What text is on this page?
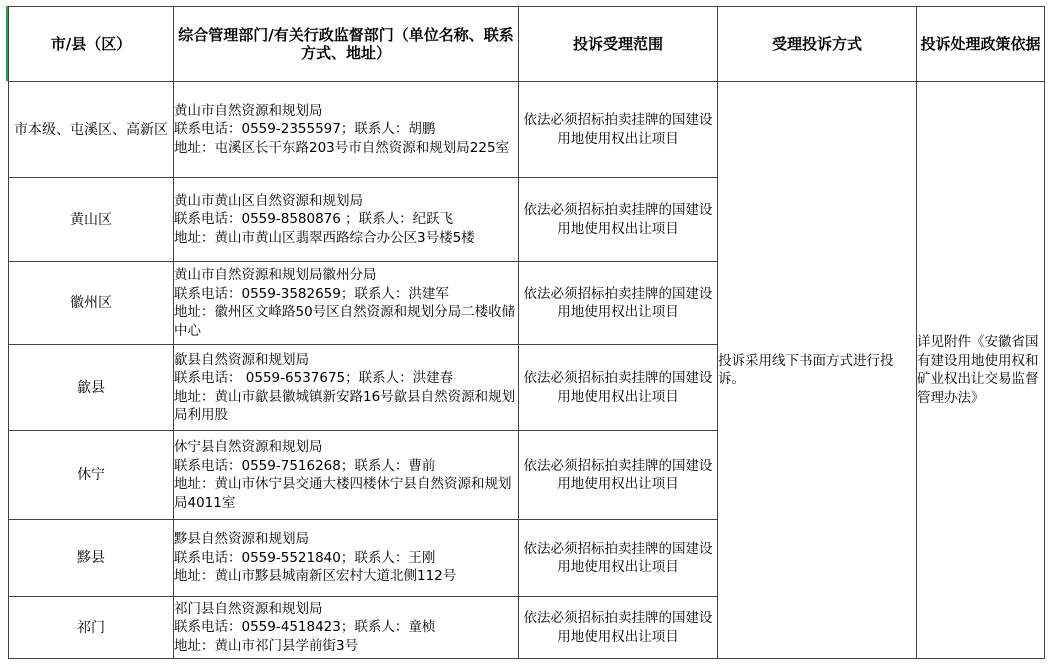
市/县（区）	综合管理部门/有关行政监督部门（单位名称、联系方式、地址）	投诉受理范围	受理投诉方式	投诉处理政策依据
市本级、屯溪区、高新区	黄山市自然资源和规划局
联系电话：0559-2355597；联系人：胡鹏
地址：屯溪区长干东路203号市自然资源和规划局225室	依法必须招标拍卖挂牌的国建设用地使用权出让项目	投诉采用线下书面方式进行投诉。	详见附件《安徽省国有建设用地使用权和矿业权出让交易监督管理办法》
黄山区	黄山市黄山区自然资源和规划局
联系电话：0559-8580876 ；联系人：纪跃飞
地址：黄山市黄山区翡翠西路综合办公区3号楼5楼	依法必须招标拍卖挂牌的国建设用地使用权出让项目		
徽州区	黄山市自然资源和规划局徽州分局
联系电话：0559-3582659；联系人：洪建军
地址：徽州区文峰路50号区自然资源和规划分局二楼收储中心	依法必须招标拍卖挂牌的国建设用地使用权出让项目		
歙县	歙县自然资源和规划局
联系电话： 0559-6537675；联系人：洪建春
地址：黄山市歙县徽城镇新安路16号歙县自然资源和规划局利用股	依法必须招标拍卖挂牌的国建设用地使用权出让项目		
休宁	休宁县自然资源和规划局
联系电话：0559-7516268；联系人：曹前
地址：黄山市休宁县交通大楼四楼休宁县自然资源和规划局4011室	依法必须招标拍卖挂牌的国建设用地使用权出让项目		
黟县	黟县自然资源和规划局
联系电话：0559-5521840；联系人：王刚
地址：黄山市黟县城南新区宏村大道北侧112号	依法必须招标拍卖挂牌的国建设用地使用权出让项目		
祁门	祁门县自然资源和规划局
联系电话：0559-4518423；联系人：童桢
地址：黄山市祁门县学前街3号	依法必须招标拍卖挂牌的国建设用地使用权出让项目		
